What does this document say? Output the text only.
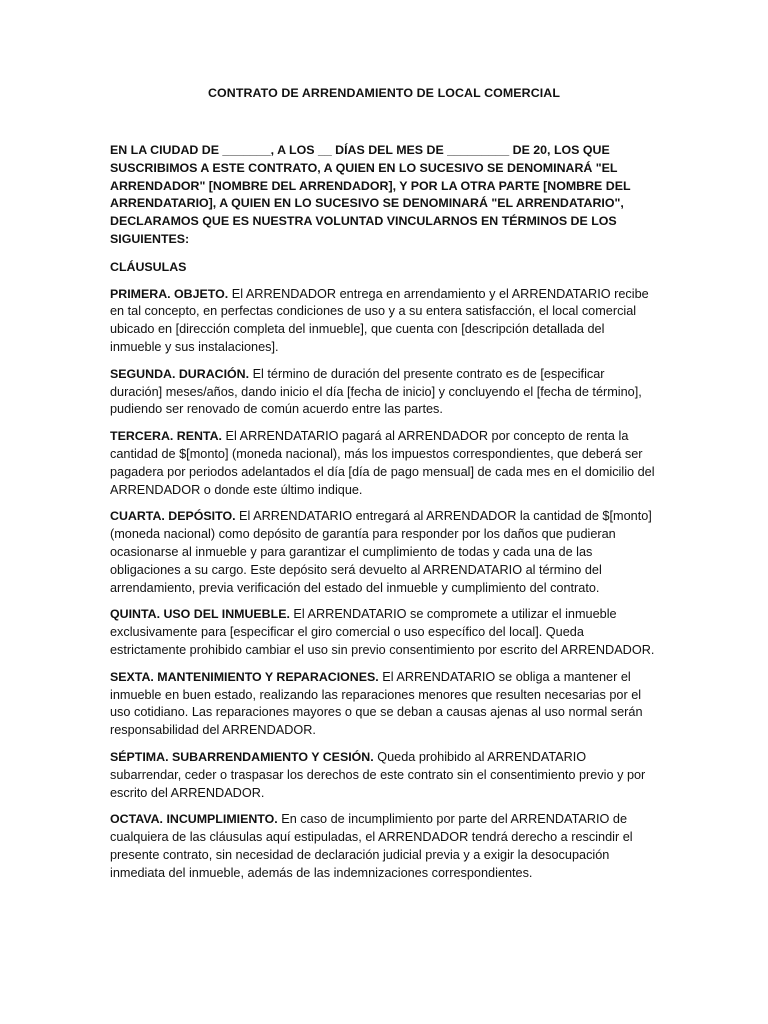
CONTRATO DE ARRENDAMIENTO DE LOCAL COMERCIAL

EN LA CIUDAD DE _______, A LOS __ DÍAS DEL MES DE _________ DE 20, LOS QUE SUSCRIBIMOS A ESTE CONTRATO, A QUIEN EN LO SUCESIVO SE DENOMINARÁ "EL ARRENDADOR" [NOMBRE DEL ARRENDADOR], Y POR LA OTRA PARTE [NOMBRE DEL ARRENDATARIO], A QUIEN EN LO SUCESIVO SE DENOMINARÁ "EL ARRENDATARIO", DECLARAMOS QUE ES NUESTRA VOLUNTAD VINCULARNOS EN TÉRMINOS DE LOS SIGUIENTES:

CLÁUSULAS

PRIMERA. OBJETO. El ARRENDADOR entrega en arrendamiento y el ARRENDATARIO recibe en tal concepto, en perfectas condiciones de uso y a su entera satisfacción, el local comercial ubicado en [dirección completa del inmueble], que cuenta con [descripción detallada del inmueble y sus instalaciones].

SEGUNDA. DURACIÓN. El término de duración del presente contrato es de [especificar duración] meses/años, dando inicio el día [fecha de inicio] y concluyendo el [fecha de término], pudiendo ser renovado de común acuerdo entre las partes.

TERCERA. RENTA. El ARRENDATARIO pagará al ARRENDADOR por concepto de renta la cantidad de $[monto] (moneda nacional), más los impuestos correspondientes, que deberá ser pagadera por periodos adelantados el día [día de pago mensual] de cada mes en el domicilio del ARRENDADOR o donde este último indique.

CUARTA. DEPÓSITO. El ARRENDATARIO entregará al ARRENDADOR la cantidad de $[monto] (moneda nacional) como depósito de garantía para responder por los daños que pudieran ocasionarse al inmueble y para garantizar el cumplimiento de todas y cada una de las obligaciones a su cargo. Este depósito será devuelto al ARRENDATARIO al término del arrendamiento, previa verificación del estado del inmueble y cumplimiento del contrato.

QUINTA. USO DEL INMUEBLE. El ARRENDATARIO se compromete a utilizar el inmueble exclusivamente para [especificar el giro comercial o uso específico del local]. Queda estrictamente prohibido cambiar el uso sin previo consentimiento por escrito del ARRENDADOR.

SEXTA. MANTENIMIENTO Y REPARACIONES. El ARRENDATARIO se obliga a mantener el inmueble en buen estado, realizando las reparaciones menores que resulten necesarias por el uso cotidiano. Las reparaciones mayores o que se deban a causas ajenas al uso normal serán responsabilidad del ARRENDADOR.

SÉPTIMA. SUBARRENDAMIENTO Y CESIÓN. Queda prohibido al ARRENDATARIO subarrendar, ceder o traspasar los derechos de este contrato sin el consentimiento previo y por escrito del ARRENDADOR.

OCTAVA. INCUMPLIMIENTO. En caso de incumplimiento por parte del ARRENDATARIO de cualquiera de las cláusulas aquí estipuladas, el ARRENDADOR tendrá derecho a rescindir el presente contrato, sin necesidad de declaración judicial previa y a exigir la desocupación inmediata del inmueble, además de las indemnizaciones correspondientes.
